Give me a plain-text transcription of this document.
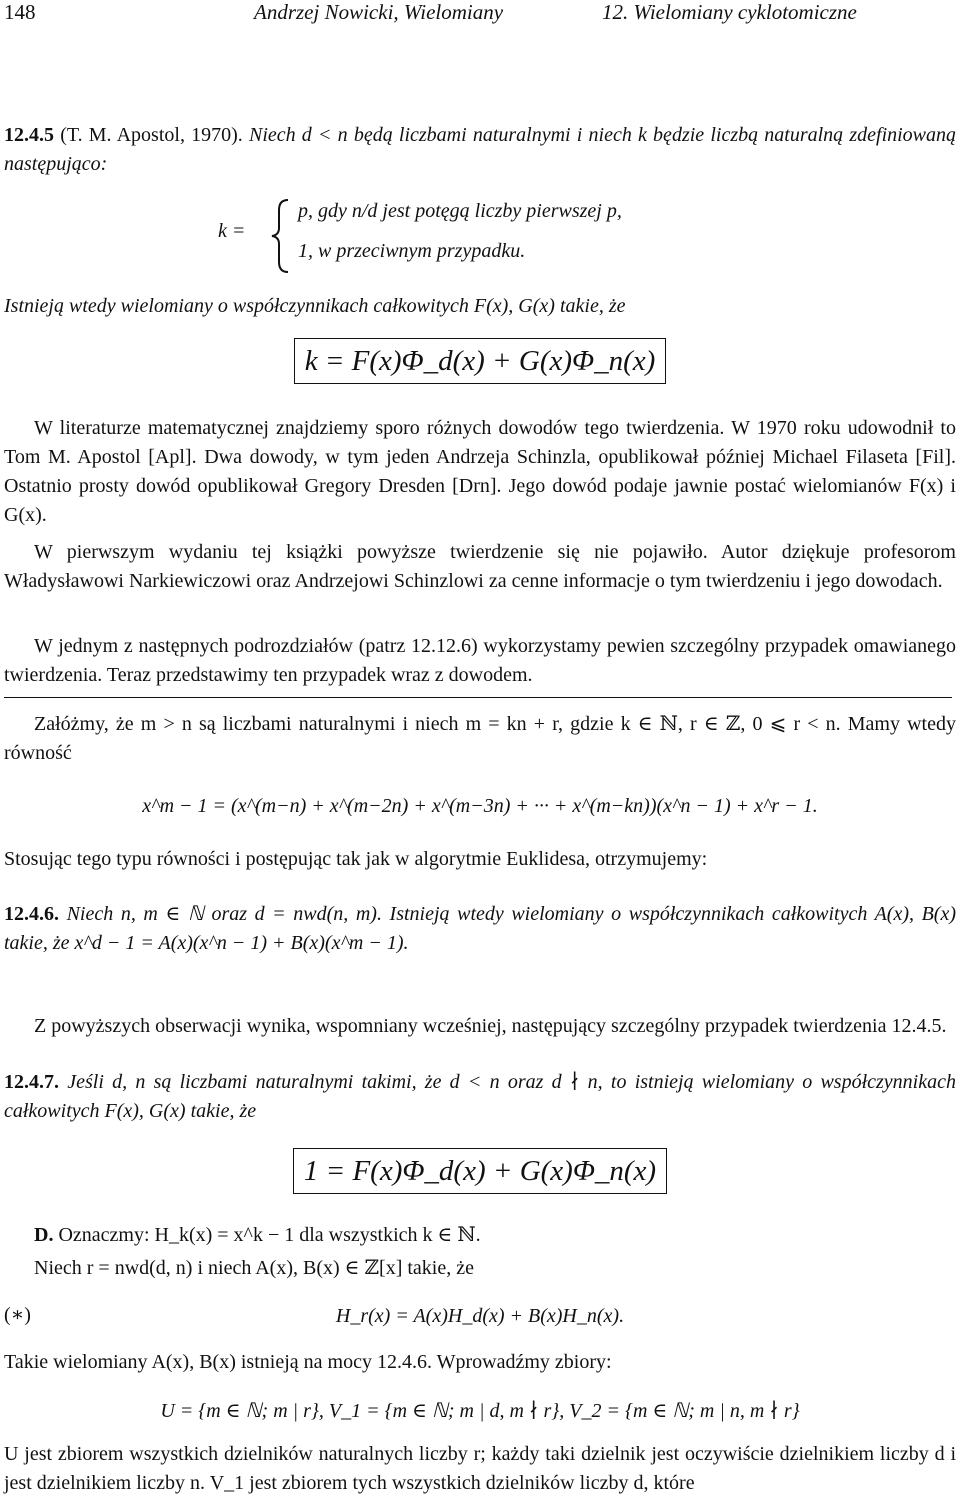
148	Andrzej Nowicki, Wielomiany	12. Wielomiany cyklotomiczne
12.4.5 (T. M. Apostol, 1970). Niech d < n będą liczbami naturalnymi i niech k będzie liczbą naturalną zdefiniowaną następująco:
k =
p, gdy n/d jest potęgą liczby pierwszej p,
1, w przeciwnym przypadku.
Istnieją wtedy wielomiany o współczynnikach całkowitych F(x), G(x) takie, że
k = F(x)Φ_d(x) + G(x)Φ_n(x)
W literaturze matematycznej znajdziemy sporo różnych dowodów tego twierdzenia. W 1970 roku udowodnił to Tom M. Apostol [Apl]. Dwa dowody, w tym jeden Andrzeja Schinzla, opublikował później Michael Filaseta [Fil]. Ostatnio prosty dowód opublikował Gregory Dresden [Drn]. Jego dowód podaje jawnie postać wielomianów F(x) i G(x).
W pierwszym wydaniu tej książki powyższe twierdzenie się nie pojawiło. Autor dziękuje profesorom Władysławowi Narkiewiczowi oraz Andrzejowi Schinzlowi za cenne informacje o tym twierdzeniu i jego dowodach.
W jednym z następnych podrozdziałów (patrz 12.12.6) wykorzystamy pewien szczególny przypadek omawianego twierdzenia. Teraz przedstawimy ten przypadek wraz z dowodem.
Załóżmy, że m > n są liczbami naturalnymi i niech m = kn + r, gdzie k ∈ ℕ, r ∈ ℤ, 0 ⩽ r < n. Mamy wtedy równość
x^m − 1 = (x^(m−n) + x^(m−2n) + x^(m−3n) + ··· + x^(m−kn))(x^n − 1) + x^r − 1.
Stosując tego typu równości i postępując tak jak w algorytmie Euklidesa, otrzymujemy:
12.4.6. Niech n, m ∈ ℕ oraz d = nwd(n, m). Istnieją wtedy wielomiany o współczynnikach całkowitych A(x), B(x) takie, że x^d − 1 = A(x)(x^n − 1) + B(x)(x^m − 1).
Z powyższych obserwacji wynika, wspomniany wcześniej, następujący szczególny przypadek twierdzenia 12.4.5.
12.4.7. Jeśli d, n są liczbami naturalnymi takimi, że d < n oraz d ∤ n, to istnieją wielomiany o współczynnikach całkowitych F(x), G(x) takie, że
1 = F(x)Φ_d(x) + G(x)Φ_n(x)
D. Oznaczmy: H_k(x) = x^k − 1 dla wszystkich k ∈ ℕ.
Niech r = nwd(d, n) i niech A(x), B(x) ∈ ℤ[x] takie, że
(∗)	H_r(x) = A(x)H_d(x) + B(x)H_n(x).
Takie wielomiany A(x), B(x) istnieją na mocy 12.4.6. Wprowadźmy zbiory:
U = {m ∈ ℕ; m | r}, V_1 = {m ∈ ℕ; m | d, m ∤ r}, V_2 = {m ∈ ℕ; m | n, m ∤ r}
U jest zbiorem wszystkich dzielników naturalnych liczby r; każdy taki dzielnik jest oczywiście dzielnikiem liczby d i jest dzielnikiem liczby n. V_1 jest zbiorem tych wszystkich dzielników liczby d, które
